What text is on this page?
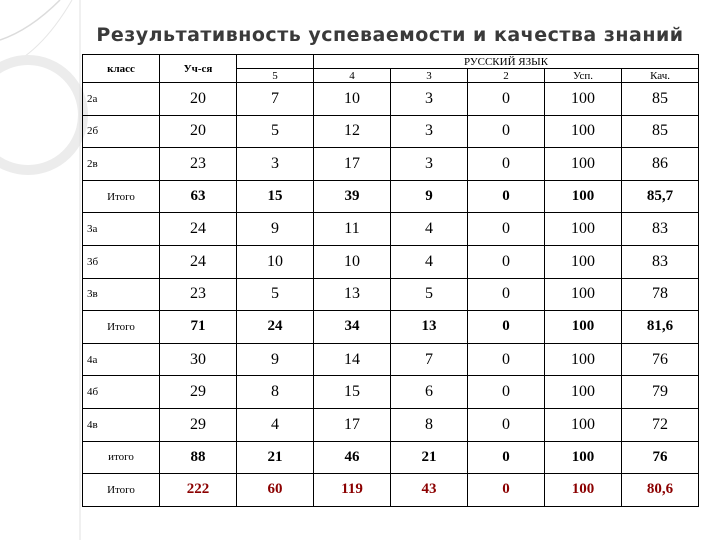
Результативность успеваемости и качества знаний
класс	Уч-ся		РУССКИЙ ЯЗЫК				
		5	4	3	2	Усп.	Кач.
2а	20	7	10	3	0	100	85
2б	20	5	12	3	0	100	85
2в	23	3	17	3	0	100	86
Итого	63	15	39	9	0	100	85,7
3а	24	9	11	4	0	100	83
3б	24	10	10	4	0	100	83
3в	23	5	13	5	0	100	78
Итого	71	24	34	13	0	100	81,6
4а	30	9	14	7	0	100	76
4б	29	8	15	6	0	100	79
4в	29	4	17	8	0	100	72
итого	88	21	46	21	0	100	76
Итого	222	60	119	43	0	100	80,6
